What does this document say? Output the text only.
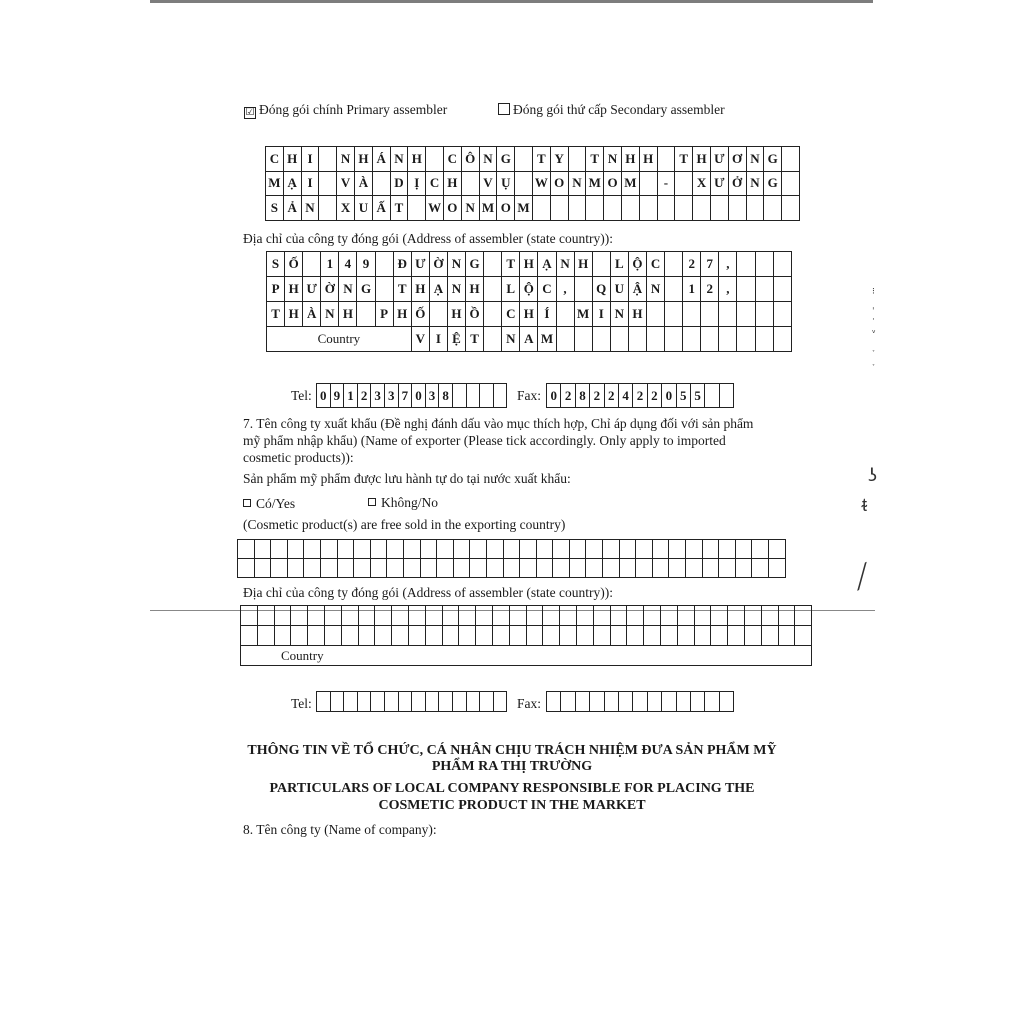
☑ Đóng gói chính Primary assembler	Đóng gói thứ cấp Secondary assembler
C	H	I		N	H	Á	N	H		C	Ô	N	G		T	Y		T	N	H	H		T	H	Ư	Ơ	N	G	
M	Ạ	I		V	À		D	Ị	C	H		V	Ụ		W	O	N	M	O	M		-		X	Ư	Ở	N	G	
S	Ả	N		X	U	Ấ	T		W	O	N	M	O	M															
Địa chỉ của công ty đóng gói (Address of assembler (state country)):
S	Ố		1	4	9		Đ	Ư	Ờ	N	G		T	H	Ạ	N	H		L	Ộ	C		2	7	,			
P	H	Ư	Ờ	N	G		T	H	Ạ	N	H		L	Ộ	C	,		Q	U	Ậ	N		1	2	,			
T	H	À	N	H		P	H	Ố		H	Ồ		C	H	Í		M	I	N	H								
Country								V	I	Ệ	T		N	A	M													
Tel: 0	9	1	2	3	3	7	0	3	8					Fax: 0	2	8	2	2	4	2	2	0	5	5		
7. Tên công ty xuất khẩu (Đề nghị đánh dấu vào mục thích hợp, Chỉ áp dụng đối với sản phẩm
mỹ phẩm nhập khẩu) (Name of exporter (Please tick accordingly. Only apply to imported
cosmetic products)):
Sản phẩm mỹ phẩm được lưu hành tự do tại nước xuất khẩu:
Có/Yes	Không/No
(Cosmetic product(s) are free sold in the exporting country)

Địa chỉ của công ty đóng gói (Address of assembler (state country)):

Country																																	
Tel:
														Fax:

THÔNG TIN VỀ TỔ CHỨC, CÁ NHÂN CHỊU TRÁCH NHIỆM ĐƯA SẢN PHẨM MỸ
PHẨM RA THỊ TRƯỜNG
PARTICULARS OF LOCAL COMPANY RESPONSIBLE FOR PLACING THE
COSMETIC PRODUCT IN THE MARKET
8. Tên công ty (Name of company):
⁝
ˌ
·
ᵛ
˯
˯
ʖ
ᵵ
⟋
